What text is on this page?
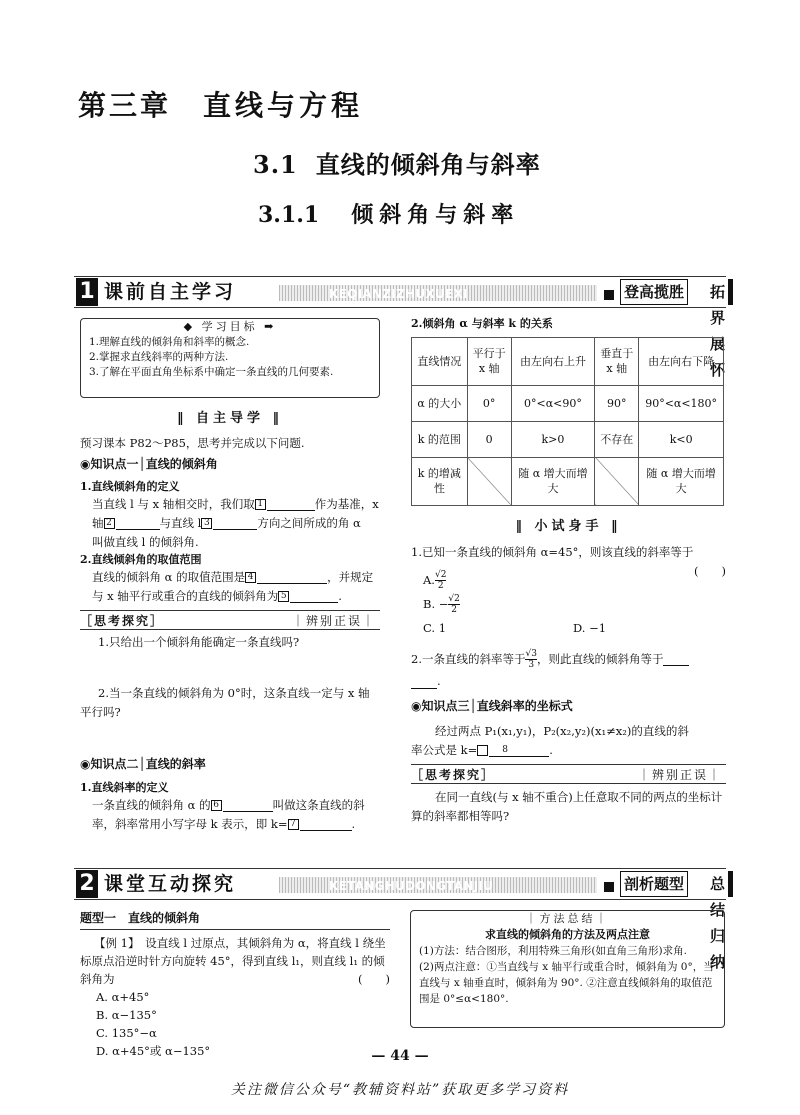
第三章 直线与方程
3.1 直线的倾斜角与斜率
3.1.1 倾斜角与斜率
1 课前自主学习	KEQIANZIZHUXUEXI	登高揽胜 拓界展怀
◆ 学习目标 ➡

1.理解直线的倾斜角和斜率的概念.

2.掌握求直线斜率的两种方法.

3.了解在平面直角坐标系中确定一条直线的几何要素.

‖ 自主导学 ‖
预习课本 P82～P85，思考并完成以下问题.
◉知识点一│直线的倾斜角
1.直线倾斜角的定义
当直线 l 与 x 轴相交时，我们取 1	作为基准，x
轴 2	与直线 l 3	方向之间所成的角 α
叫做直线 l 的倾斜角.
2.直线倾斜角的取值范围
直线的倾斜角 α 的取值范围是 4	，并规定
与 x 轴平行或重合的直线的倾斜角为 5	.
［思考探究］	｜辨别正误｜
1.只给出一个倾斜角能确定一条直线吗?
2.当一条直线的倾斜角为 0°时，这条直线一定与 x 轴平行吗?
◉知识点二│直线的斜率
1.直线斜率的定义
一条直线的倾斜角 α 的 6	叫做这条直线的斜
率，斜率常用小写字母 k 表示，即 k= 7	.
2.倾斜角 α 与斜率 k 的关系
直线情况	平行于 x 轴	由左向右上升	垂直于 x 轴	由左向右下降
α 的大小	0°	0°<α<90°	90°	90°<α<180°
k 的范围	0	k>0	不存在	k<0
k 的增减性		随 α 增大而增大		随 α 增大而增大
‖ 小试身手 ‖
1.已知一条直线的倾斜角 α=45°，则该直线的斜率等于
(　　)
A. $\frac{√2}{2}B$. − $\frac{√2}{2}$
C. 1	D. −1
2.一条直线的斜率等于 $\frac{√3}{3}$，则此直线的倾斜角等于
.
◉知识点三│直线斜率的坐标式
经过两点 P₁(x₁,y₁)，P₂(x₂,y₂)(x₁≠x₂)的直线的斜
率公式是 k=	8	.
［思考探究］	｜辨别正误｜
在同一直线(与 x 轴不重合)上任意取不同的两点的坐标计算的斜率都相等吗?
2 课堂互动探究	KETANGHUDONGTANJIU	剖析题型 总结归纳
题型一　直线的倾斜角
【例 1】　设直线 l 过原点，其倾斜角为 α，将直线 l 绕坐
标原点沿逆时针方向旋转 45°，得到直线 l₁，则直线 l₁ 的倾
斜角为	(　　)
A. α+45°B. α−135°
C. 135°−αD. α+45°或 α−135°
｜方法总结｜
求直线的倾斜角的方法及两点注意

(1)方法：结合图形，利用特殊三角形(如直角三角形)求角.

(2)两点注意：①当直线与 x 轴平行或重合时，倾斜角为 0°，当直线与 x 轴垂直时，倾斜角为 90°. ②注意直线倾斜角的取值范围是 0°≤α<180°.

— 44 —
关注微信公众号“教辅资料站”获取更多学习资料
